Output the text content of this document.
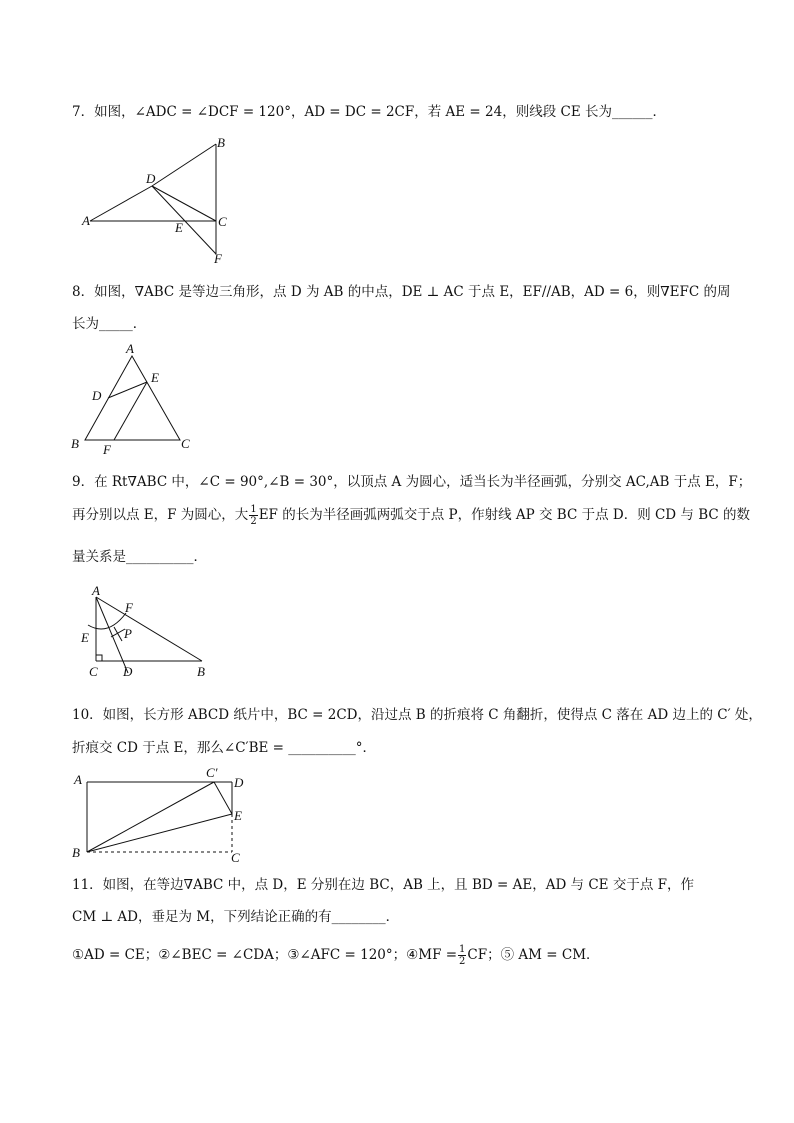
7．如图，∠ADC = ∠DCF = 120°，AD = DC = 2CF，若 AE = 24，则线段 CE 长为______．
A
B
C
D
E
F
8．如图，∇ABC 是等边三角形，点 D 为 AB 的中点，DE ⊥ AC 于点 E，EF//AB，AD = 6，则∇EFC 的周
长为_____．
A
B	C
D
E
F
9．在 Rt∇ABC 中，∠C = 90°,∠B = 30°，以顶点 A 为圆心，适当长为半径画弧，分别交 AC,AB 于点 E，F；
再分别以点 E，F 为圆心，大 $\frac{1}{2}$ EF 的长为半径画弧两弧交于点 P，作射线 AP 交 BC 于点 D．则 CD 与 BC 的数
量关系是__________．
A
F
E	P
C D	B
10．如图，长方形 ABCD 纸片中，BC = 2CD，沿过点 B 的折痕将 C 角翻折，使得点 C 落在 AD 边上的 C′ 处，
折痕交 CD 于点 E，那么∠C′BE = __________°．
A
B
C′
D
E
C
11．如图，在等边∇ABC 中，点 D，E 分别在边 BC，AB 上，且 BD = AE，AD 与 CE 交于点 F，作
CM ⊥ AD，垂足为 M，下列结论正确的有________．
①AD = CE；②∠BEC = ∠CDA；③∠AFC = 120°；④MF = $\frac{1}{2}$ CF；⑤ AM = CM．
